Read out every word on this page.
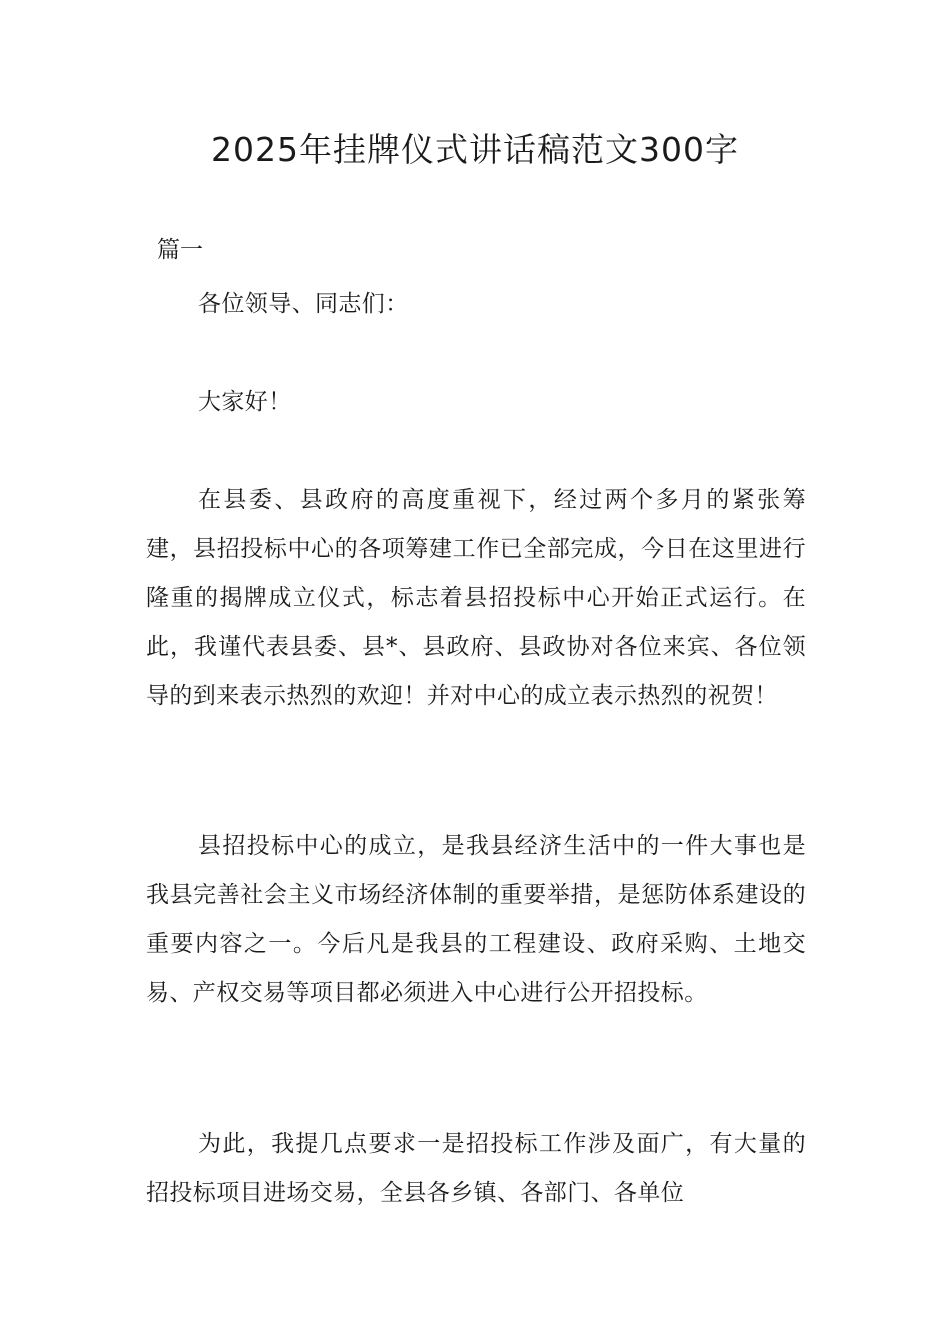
2025年挂牌仪式讲话稿范文300字
篇一

各位领导、同志们：

大家好！

在县委、县政府的高度重视下，经过两个多月的紧张筹建，县招投标中心的各项筹建工作已全部完成，今日在这里进行隆重的揭牌成立仪式，标志着县招投标中心开始正式运行。在此，我谨代表县委、县*、县政府、县政协对各位来宾、各位领导的到来表示热烈的欢迎！并对中心的成立表示热烈的祝贺！

县招投标中心的成立，是我县经济生活中的一件大事也是我县完善社会主义市场经济体制的重要举措，是惩防体系建设的重要内容之一。今后凡是我县的工程建设、政府采购、土地交易、产权交易等项目都必须进入中心进行公开招投标。

为此，我提几点要求一是招投标工作涉及面广，有大量的招投标项目进场交易，全县各乡镇、各部门、各单位
